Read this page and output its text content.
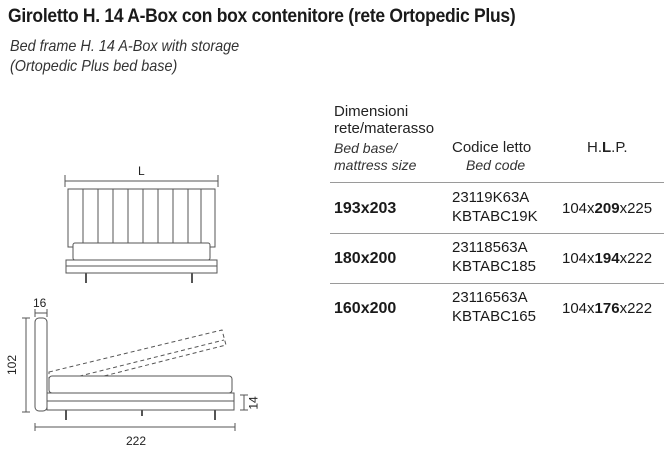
Giroletto H. 14 A-Box con box contenitore (rete Ortopedic Plus)
Bed frame H. 14 A-Box with storage
(Ortopedic Plus bed base)
Dimensioni
rete/materasso
Bed base/
mattress size
Codice letto
Bed code
H.L.P.
193x203
23119K63A
KBTABC19K 104x209x225
180x200
23118563A
KBTABC185 104x194x222
160x200
23116563A
KBTABC165 104x176x222
L
16
102
14
222
